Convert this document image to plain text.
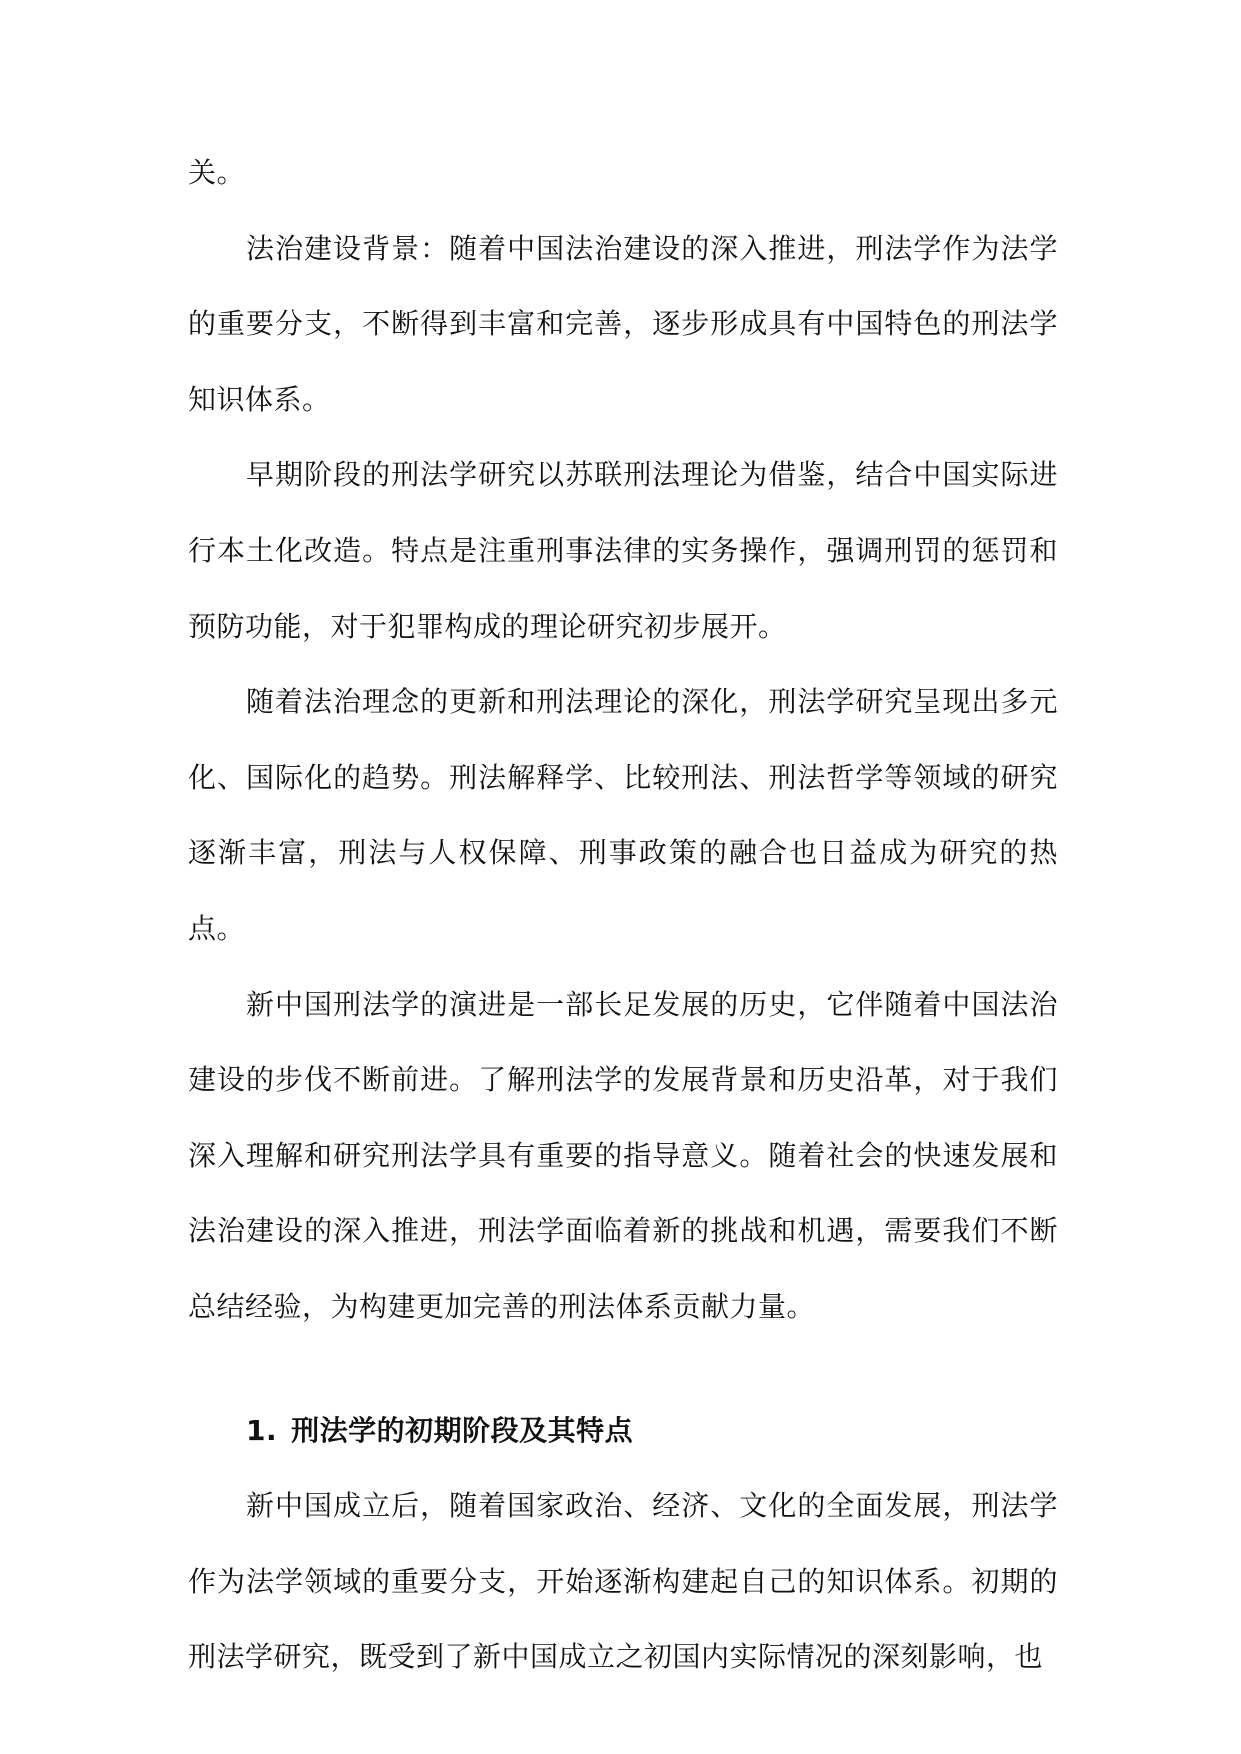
关。

法治建设背景：随着中国法治建设的深入推进，刑法学作为法学的重要分支，不断得到丰富和完善，逐步形成具有中国特色的刑法学知识体系。

早期阶段的刑法学研究以苏联刑法理论为借鉴，结合中国实际进行本土化改造。特点是注重刑事法律的实务操作，强调刑罚的惩罚和预防功能，对于犯罪构成的理论研究初步展开。

随着法治理念的更新和刑法理论的深化，刑法学研究呈现出多元化、国际化的趋势。刑法解释学、比较刑法、刑法哲学等领域的研究逐渐丰富，刑法与人权保障、刑事政策的融合也日益成为研究的热点。

新中国刑法学的演进是一部长足发展的历史，它伴随着中国法治建设的步伐不断前进。了解刑法学的发展背景和历史沿革，对于我们深入理解和研究刑法学具有重要的指导意义。随着社会的快速发展和法治建设的深入推进，刑法学面临着新的挑战和机遇，需要我们不断总结经验，为构建更加完善的刑法体系贡献力量。

1. 刑法学的初期阶段及其特点

新中国成立后，随着国家政治、经济、文化的全面发展，刑法学作为法学领域的重要分支，开始逐渐构建起自己的知识体系。初期的刑法学研究，既受到了新中国成立之初国内实际情况的深刻影响，也
